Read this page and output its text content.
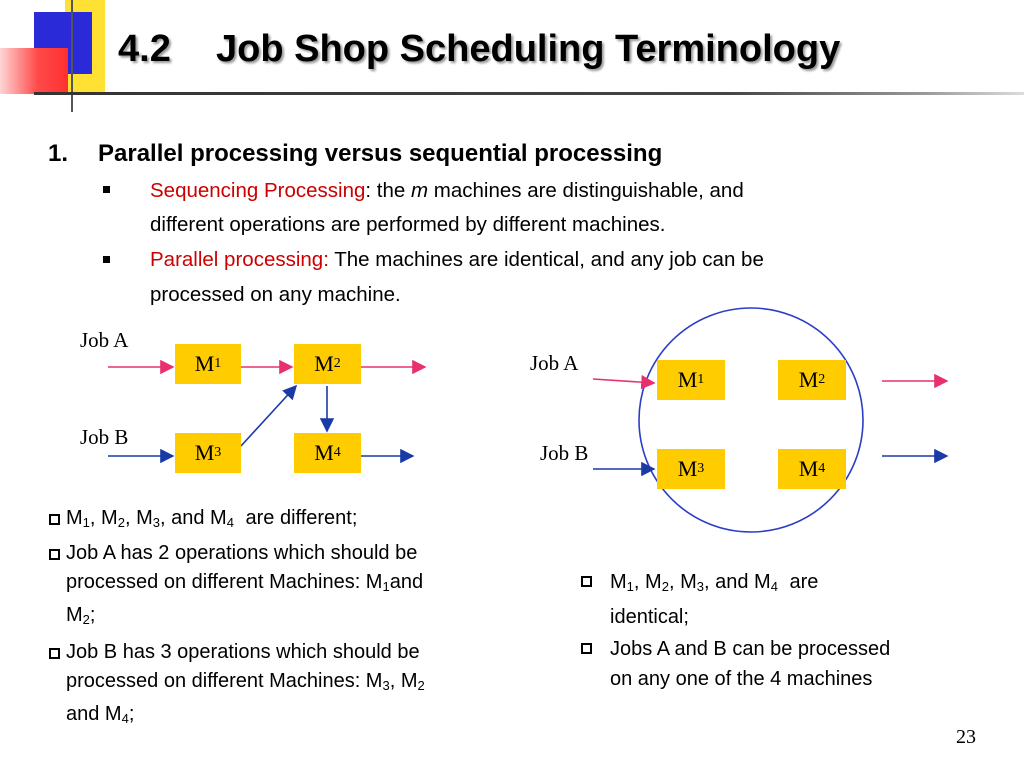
4.2 Job Shop Scheduling Terminology
1. Parallel processing versus sequential processing
Sequencing Processing: the m machines are distinguishable, and
different operations are performed by different machines.
Parallel processing: The machines are identical, and any job can be
processed on any machine.
Job A
Job B
M 1	M 2
M 3	M 4
Job A
Job B
M 1	M 2
M 3	M 4
$M_1$, $M_2$, $M_3$, and $M_4$ are different;
Job A has 2 operations which should be
processed on different Machines: $M_1and$
$M_2$;
Job B has 3 operations which should be
processed on different Machines: $M_3$, $M_2$
and $M_4$;
$M_1$, $M_2$, $M_3$, and $M_4$ are
identical;
Jobs A and B can be processed
on any one of the 4 machines
23
